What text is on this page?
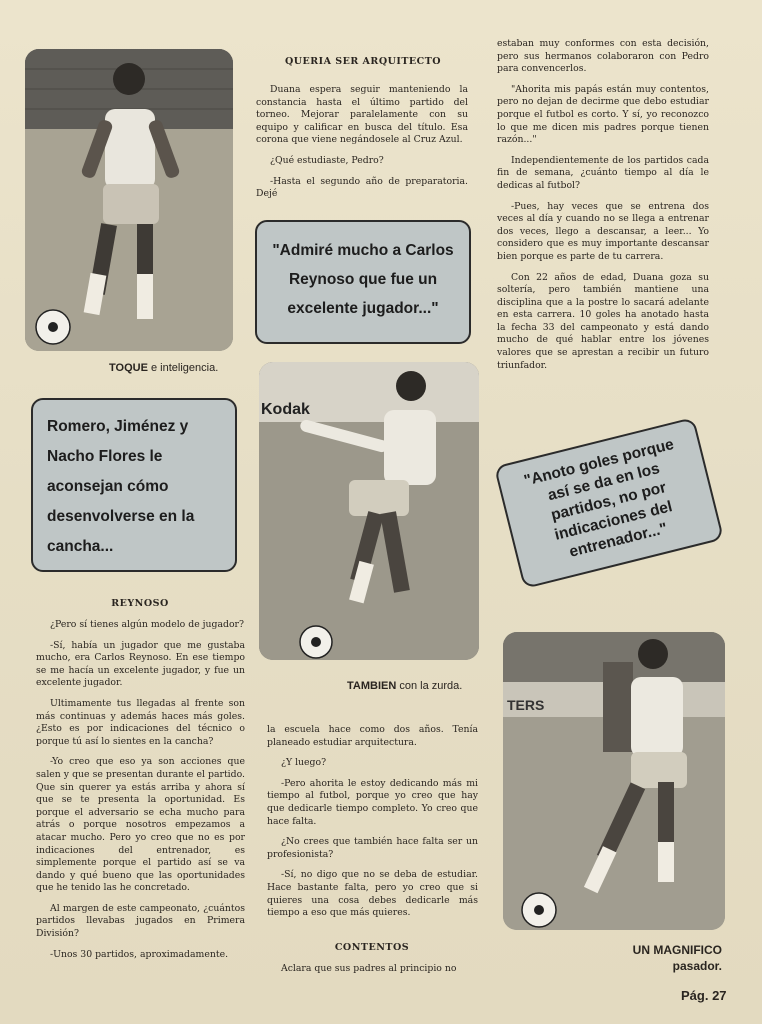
TOQUE e inteligencia.
QUERIA SER ARQUITECTO

Duana espera seguir manteniendo la constancia hasta el último partido del torneo. Mejorar paralelamente con su equipo y calificar en busca del título. Esa corona que viene negándosele al Cruz Azul.

¿Qué estudiaste, Pedro?

-Hasta el segundo año de preparatoria. Dejé

"Admiré mucho a Carlos Reynoso que fue un excelente jugador..."

estaban muy conformes con esta decisión, pero sus hermanos colaboraron con Pedro para convencerlos.

"Ahorita mis papás están muy contentos, pero no dejan de decirme que debo estudiar porque el futbol es corto. Y sí, yo reconozco lo que me dicen mis padres porque tienen razón..."

Independientemente de los partidos cada fin de semana, ¿cuánto tiempo al día le dedicas al futbol?

-Pues, hay veces que se entrena dos veces al día y cuando no se llega a entrenar dos veces, llego a descansar, a leer... Yo considero que es muy importante descansar bien porque es parte de tu carrera.

Con 22 años de edad, Duana goza su soltería, pero también mantiene una disciplina que a la postre lo sacará adelante en esta carrera. 10 goles ha anotado hasta la fecha 33 del campeonato y está dando mucho de qué hablar entre los jóvenes valores que se aprestan a recibir un futuro triunfador.

Romero, Jiménez y Nacho Flores le aconsejan cómo desenvolverse en la cancha...
Kodak
TAMBIEN con la zurda.
"Anoto goles porque así se da en los partidos, no por indicaciones del entrenador..."
REYNOSO

¿Pero sí tienes algún modelo de jugador?

-Sí, había un jugador que me gustaba mucho, era Carlos Reynoso. En ese tiempo se me hacía un excelente jugador, y fue un excelente jugador.

Ultimamente tus llegadas al frente son más continuas y además haces más goles. ¿Esto es por indicaciones del técnico o porque tú así lo sientes en la cancha?

-Yo creo que eso ya son acciones que salen y que se presentan durante el partido. Que sin querer ya estás arriba y ahora sí que se te presenta la oportunidad. Es porque el adversario se echa mucho para atrás o porque nosotros empezamos a atacar mucho. Pero yo creo que no es por indicaciones del entrenador, es simplemente porque el partido así se va dando y qué bueno que las oportunidades que he tenido las he concretado.

Al margen de este campeonato, ¿cuántos partidos llevabas jugados en Primera División?

-Unos 30 partidos, aproximadamente.

la escuela hace como dos años. Tenía planeado estudiar arquitectura.

¿Y luego?

-Pero ahorita le estoy dedicando más mi tiempo al futbol, porque yo creo que hay que dedicarle tiempo completo. Yo creo que hace falta.

¿No crees que también hace falta ser un profesionista?

-Sí, no digo que no se deba de estudiar. Hace bastante falta, pero yo creo que si quieres una cosa debes dedicarle más tiempo a eso que más quieres.

CONTENTOS

Aclara que sus padres al principio no

TERS
UN MAGNIFICO
pasador.
Pág. 27
